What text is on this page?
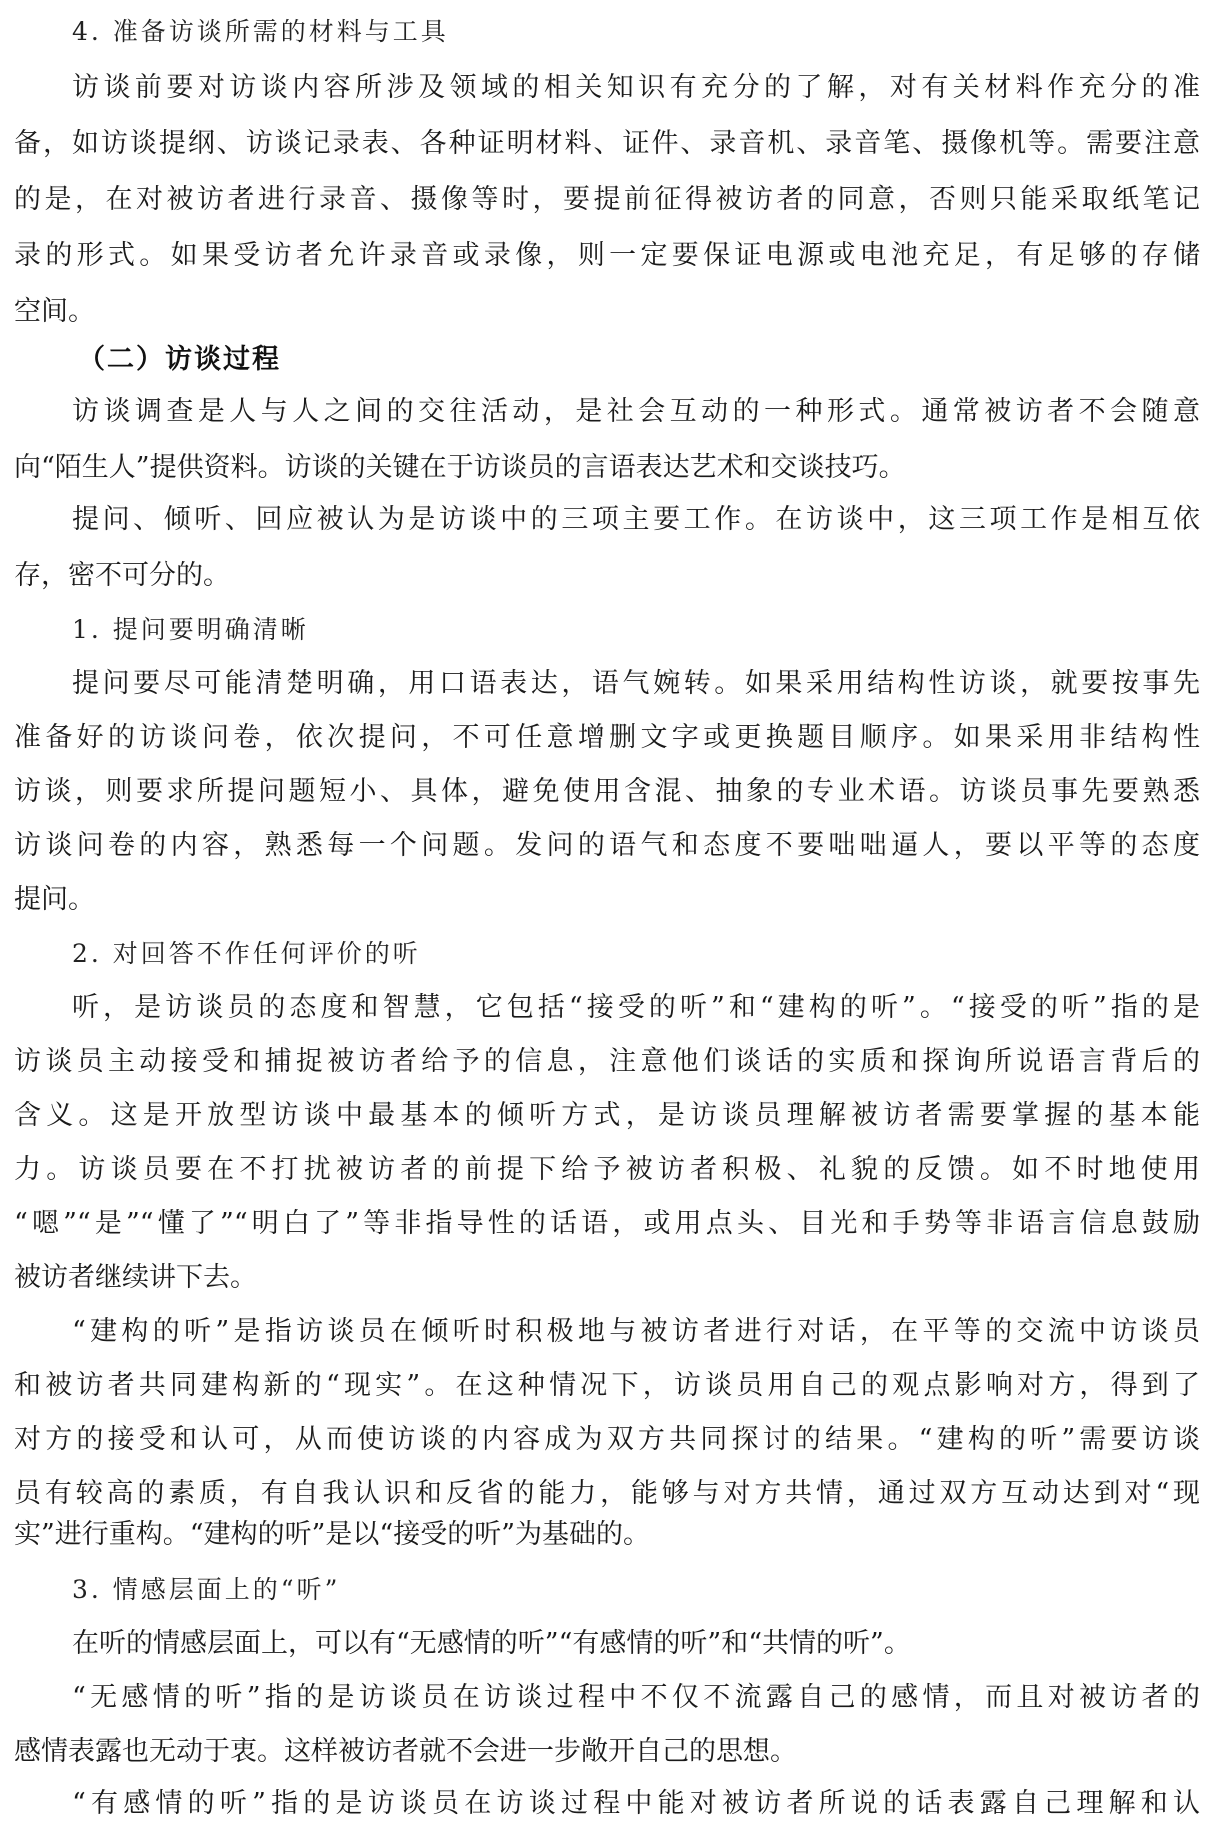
4. 准备访谈所需的材料与工具
访谈前要对访谈内容所涉及领域的相关知识有充分的了解，对有关材料作充分的准
备，如访谈提纲、访谈记录表、各种证明材料、证件、录音机、录音笔、摄像机等。需要注意
的是，在对被访者进行录音、摄像等时，要提前征得被访者的同意，否则只能采取纸笔记
录的形式。如果受访者允许录音或录像，则一定要保证电源或电池充足，有足够的存储
空间。
（二）访谈过程
访谈调查是人与人之间的交往活动，是社会互动的一种形式。通常被访者不会随意
向“陌生人”提供资料。访谈的关键在于访谈员的言语表达艺术和交谈技巧。
提问、倾听、回应被认为是访谈中的三项主要工作。在访谈中，这三项工作是相互依
存，密不可分的。
1. 提问要明确清晰
提问要尽可能清楚明确，用口语表达，语气婉转。如果采用结构性访谈，就要按事先
准备好的访谈问卷，依次提问，不可任意增删文字或更换题目顺序。如果采用非结构性
访谈，则要求所提问题短小、具体，避免使用含混、抽象的专业术语。访谈员事先要熟悉
访谈问卷的内容，熟悉每一个问题。发问的语气和态度不要咄咄逼人，要以平等的态度
提问。
2. 对回答不作任何评价的听
听，是访谈员的态度和智慧，它包括“接受的听”和“建构的听”。“接受的听”指的是
访谈员主动接受和捕捉被访者给予的信息，注意他们谈话的实质和探询所说语言背后的
含义。这是开放型访谈中最基本的倾听方式，是访谈员理解被访者需要掌握的基本能
力。访谈员要在不打扰被访者的前提下给予被访者积极、礼貌的反馈。如不时地使用
“嗯”“是”“懂了”“明白了”等非指导性的话语，或用点头、目光和手势等非语言信息鼓励
被访者继续讲下去。
“建构的听”是指访谈员在倾听时积极地与被访者进行对话，在平等的交流中访谈员
和被访者共同建构新的“现实”。在这种情况下，访谈员用自己的观点影响对方，得到了
对方的接受和认可，从而使访谈的内容成为双方共同探讨的结果。“建构的听”需要访谈
员有较高的素质，有自我认识和反省的能力，能够与对方共情，通过双方互动达到对“现
实”进行重构。“建构的听”是以“接受的听”为基础的。
3. 情感层面上的“听”
在听的情感层面上，可以有“无感情的听”“有感情的听”和“共情的听”。
“无感情的听”指的是访谈员在访谈过程中不仅不流露自己的感情，而且对被访者的
感情表露也无动于衷。这样被访者就不会进一步敞开自己的思想。
“有感情的听”指的是访谈员在访谈过程中能对被访者所说的话表露自己理解和认
